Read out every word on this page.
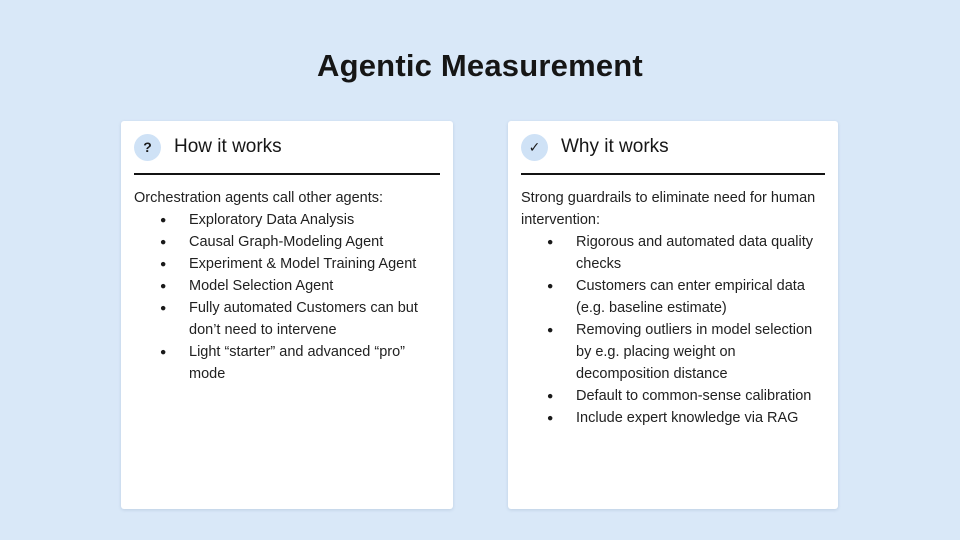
Agentic Measurement
?	How it works

Orchestration agents call other agents:

● Exploratory Data Analysis
● Causal Graph-Modeling Agent
● Experiment & Model Training Agent
● Model Selection Agent
● Fully automated Customers can but don’t need to intervene
● Light “starter” and advanced “pro” mode
✓	Why it works

Strong guardrails to eliminate need for human intervention:

● Rigorous and automated data quality checks
● Customers can enter empirical data (e.g. baseline estimate)
● Removing outliers in model selection by e.g. placing weight on decomposition distance
● Default to common-sense calibration
● Include expert knowledge via RAG
